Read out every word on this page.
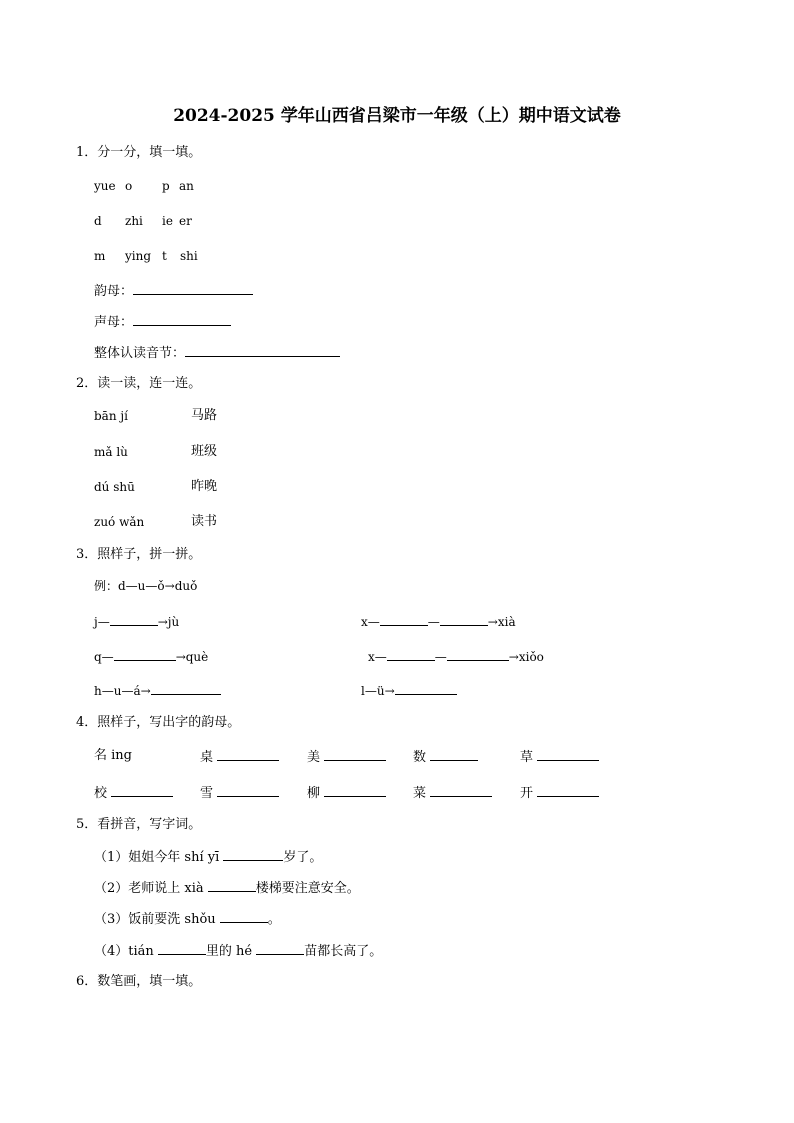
2024-2025 学年山西省吕梁市一年级（上）期中语文试卷
1．分一分，填一填。
yue o p an
d zhi ie er
m ying t shi
韵母：
声母：
整体认读音节：
2．读一读，连一连。
bān jí	马路
mǎ lù	班级
dú shū	昨晚
zuó wǎn	读书
3．照样子，拼一拼。
例：d—u—ǒ→duǒ
j—	→jù	x—	—	→xià
q—	→què	x—	—	→xiǒo
h—u—á→	l—ü→
4．照样子，写出字的韵母。
名 ing	桌	美	数	草
校	雪	柳	菜	开
5．看拼音，写字词。
（1）姐姐今年 shí yī	岁了。
（2）老师说上 xià	楼梯要注意安全。
（3）饭前要洗 shǒu	。
（4）tián	里的 hé	苗都长高了。
6．数笔画，填一填。
